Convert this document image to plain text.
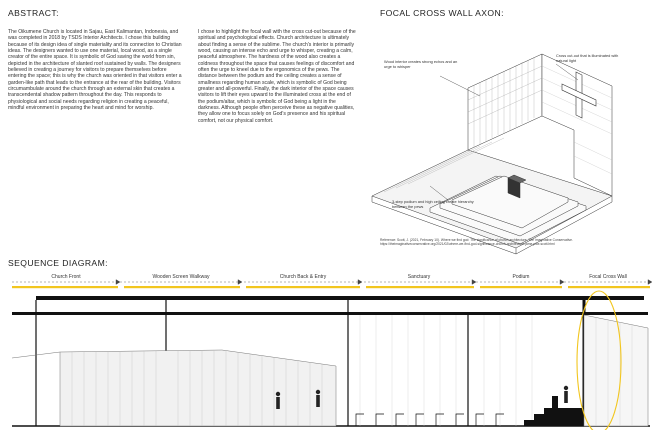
ABSTRACT:

The Oikumene Church is located in Sajau, East Kalimantan, Indonesia, and was completed in 2018 by TSDS Interior Architects. I chose this building because of its design idea of single materiality and its connection to Christian ideas. The designers wanted to use one material, local wood, as a single creator of the entire space. It is symbolic of God saving the world from sin, depicted in the architecture of slanted roof sustained by walls. The designers believed in creating a journey for visitors to prepare themselves before entering the space; this is why the church was oriented in that visitors enter a garden-like path that leads to the entrance at the rear of the building. Visitors circumambulate around the church through an external skin that creates a transcendental shadow pattern throughout the day. This responds to physiological and social needs regarding religion in creating a peaceful, mindful environment in preparing the heart and mind for worship.

I chose to highlight the focal wall with the cross cut-out because of the spiritual and psychological effects. Church architecture is ultimately about finding a sense of the sublime. The church's interior is primarily wood, causing an intense echo and urge to whisper, creating a calm, peaceful atmosphere. The hardness of the wood also creates a coldness throughout the space that causes feelings of discomfort and often the urge to kneel due to the ergonomics of the pews. The distance between the podium and the ceiling creates a sense of smallness regarding human scale, which is symbolic of God being greater and all-powerful. Finally, the dark interior of the space causes visitors to lift their eyes upward to the illuminated cross at the end of the podium/altar, which is symbolic of God being a light in the darkness. Although people often perceive these as negative qualities, they allow one to focus solely on God's presence and his spiritual comfort, not our physical comfort.

FOCAL CROSS WALL AXON:
Wood interior creates strong echos and an urge to whisper
Cross cut-out that is illuminated with natural light
3-step podium and high ceiling create hierarchy between the pews
Reference: Scott, J. (2021, February 10). Where we find god: The significance of church architecture. The Imaginative Conservative. https://theimaginativeconservative.org/2021/02/where-we-find-god-significance-church-architecture-jame-pike-scott.html
SEQUENCE DIAGRAM:
Church Front	Wooden Screen Walkway	Church Back & Entry	Sanctuary	Podium	Focal Cross Wall
